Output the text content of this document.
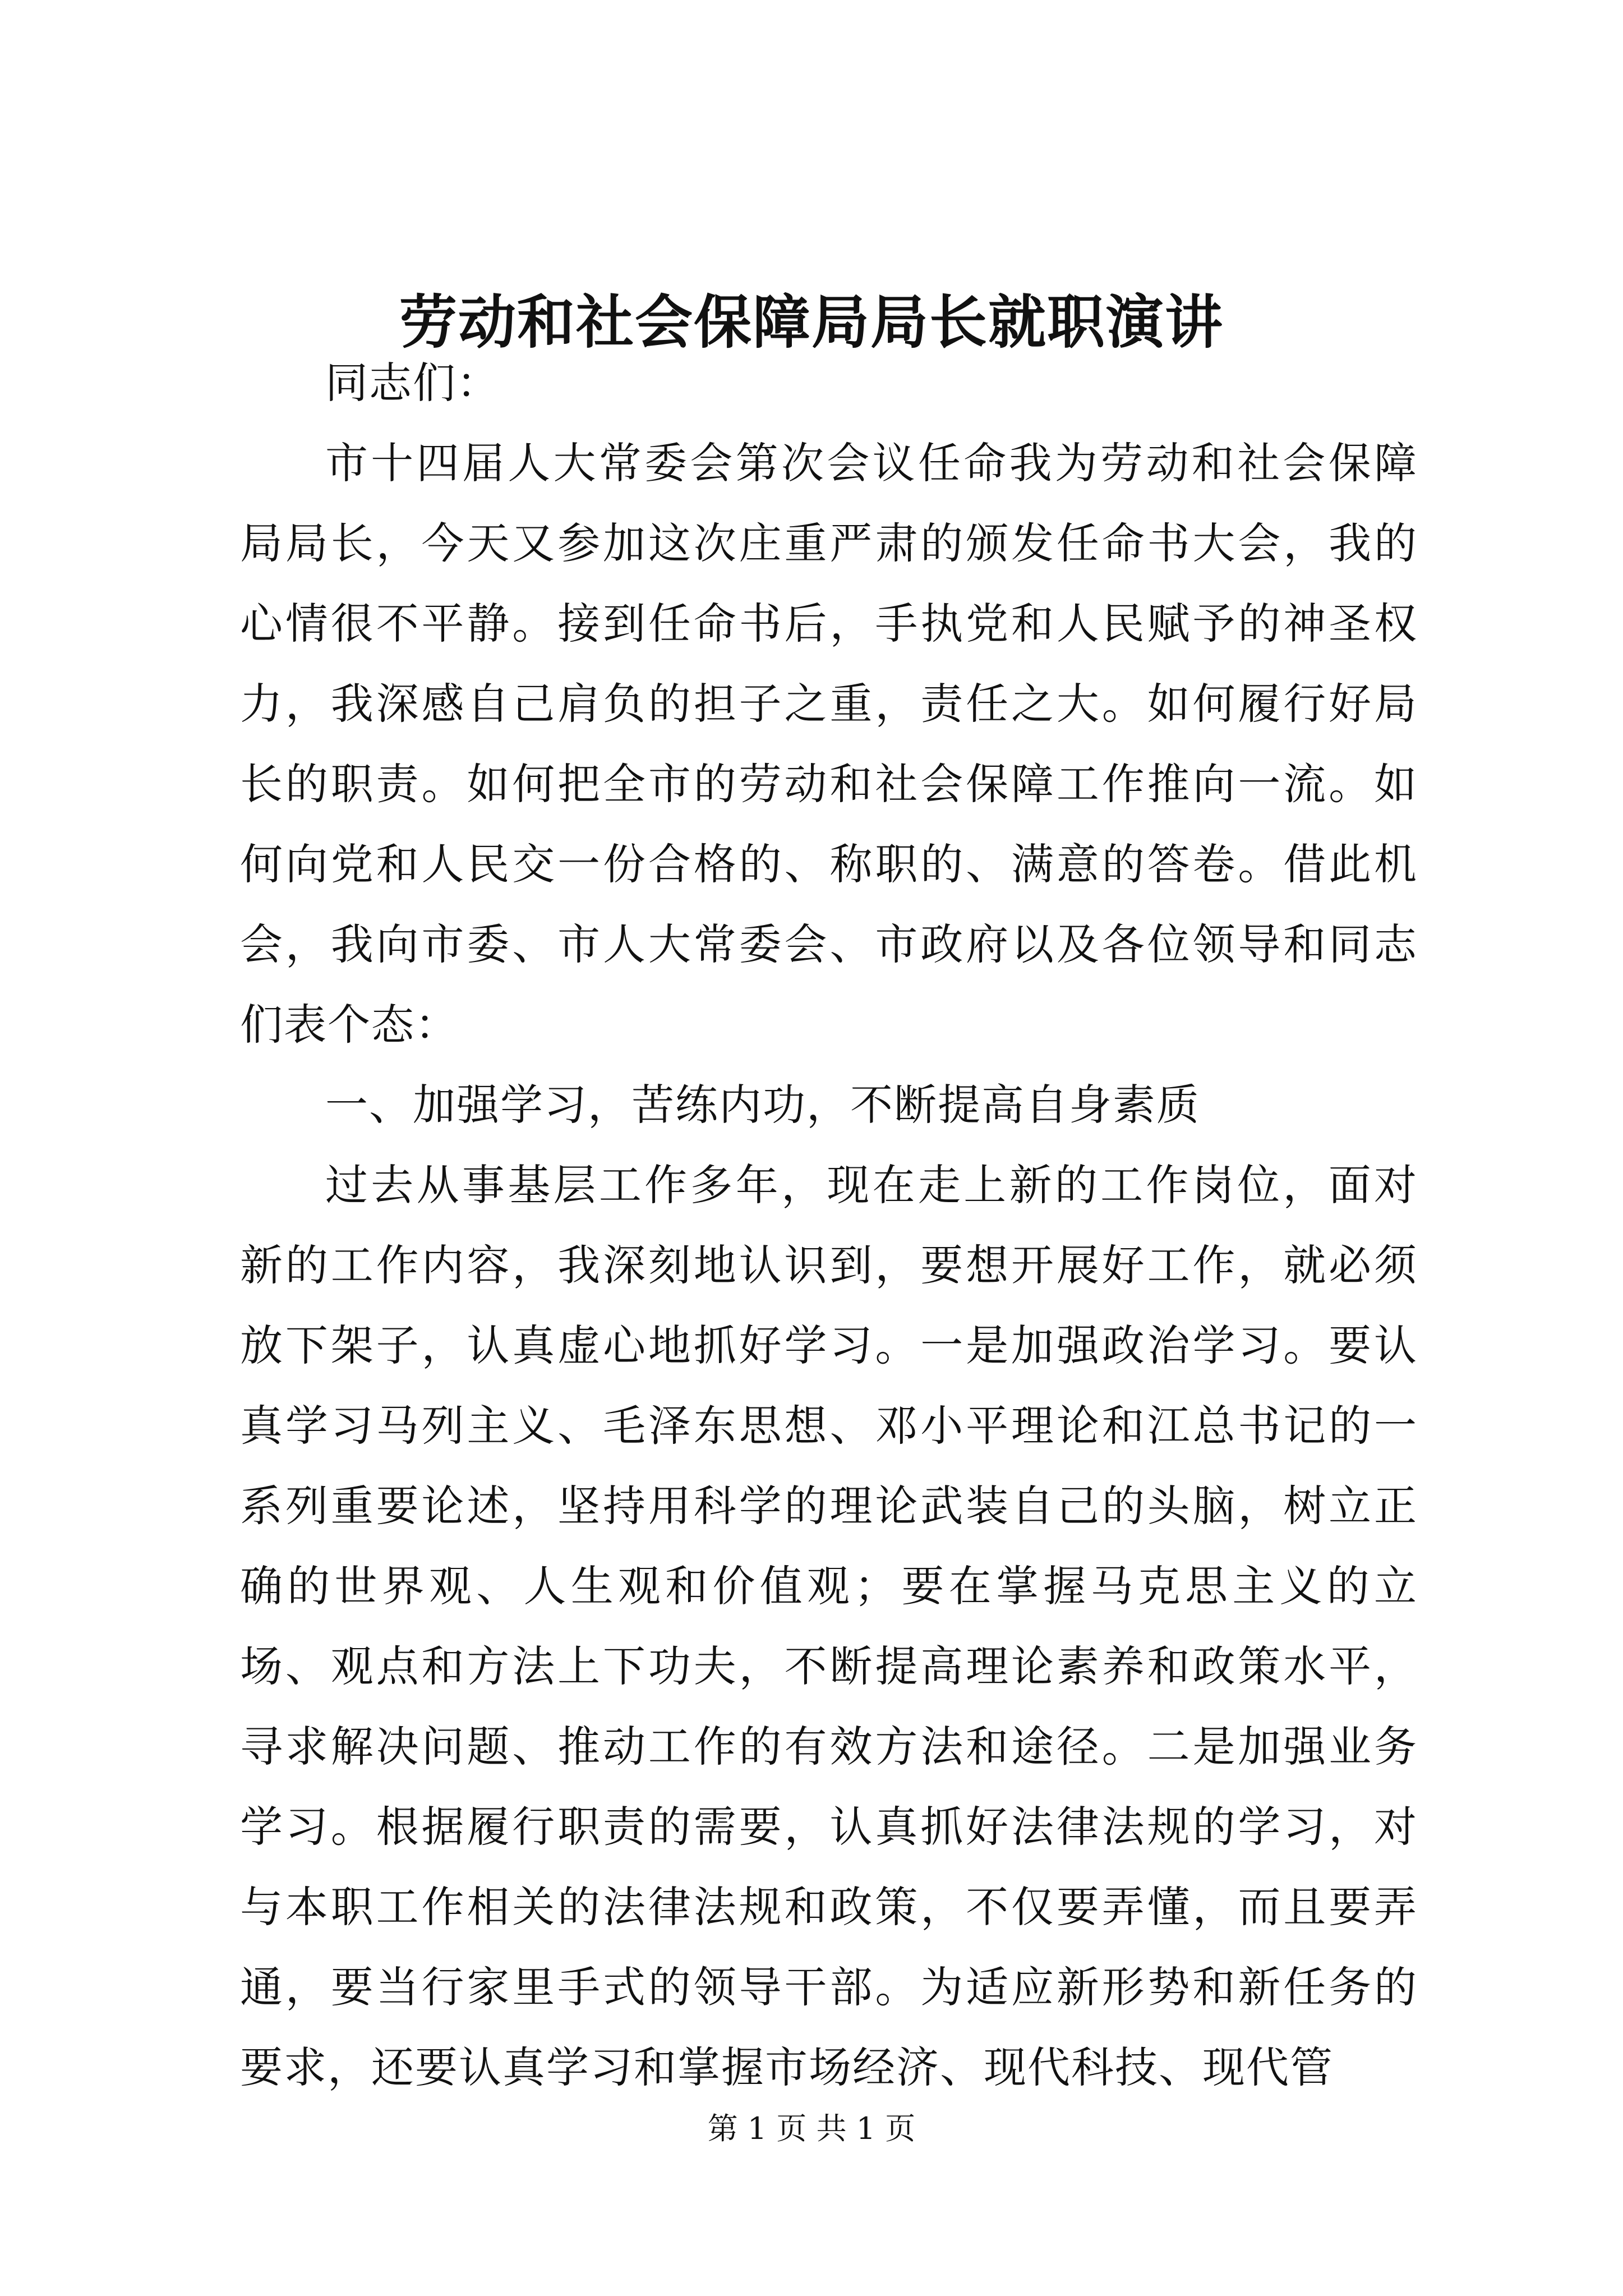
劳动和社会保障局局长就职演讲

同志们：

市十四届人大常委会第次会议任命我为劳动和社会保障局局长，今天又参加这次庄重严肃的颁发任命书大会，我的心情很不平静。接到任命书后，手执党和人民赋予的神圣权力，我深感自己肩负的担子之重，责任之大。如何履行好局长的职责。如何把全市的劳动和社会保障工作推向一流。如何向党和人民交一份合格的、称职的、满意的答卷。借此机会，我向市委、市人大常委会、市政府以及各位领导和同志们表个态：

一、加强学习，苦练内功，不断提高自身素质

过去从事基层工作多年，现在走上新的工作岗位，面对新的工作内容，我深刻地认识到，要想开展好工作，就必须放下架子，认真虚心地抓好学习。一是加强政治学习。要认真学习马列主义、毛泽东思想、邓小平理论和江总书记的一系列重要论述，坚持用科学的理论武装自己的头脑，树立正确的世界观、人生观和价值观；要在掌握马克思主义的立场、观点和方法上下功夫，不断提高理论素养和政策水平，寻求解决问题、推动工作的有效方法和途径。二是加强业务学习。根据履行职责的需要，认真抓好法律法规的学习，对与本职工作相关的法律法规和政策，不仅要弄懂，而且要弄通，要当行家里手式的领导干部。为适应新形势和新任务的要求，还要认真学习和掌握市场经济、现代科技、现代管

第 1 页 共 1 页
